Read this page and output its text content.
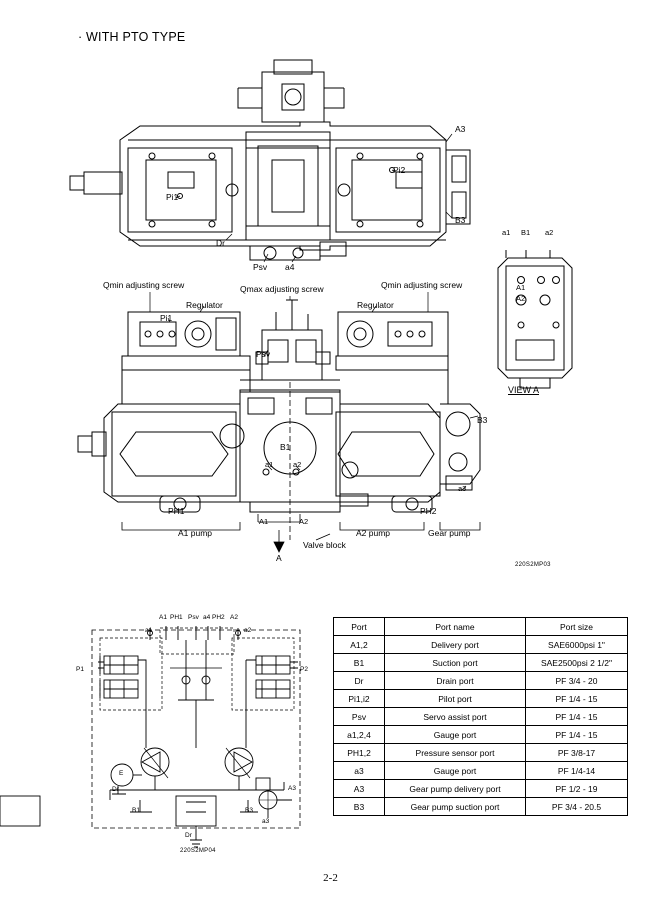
· WITH PTO TYPE
A3
B3
Pi1
Pi2
Dr
Psv a4
a1 B1 a2
A1
A2
VIEW A
Qmin adjusting screw	Qmax adjusting screw	Qmin adjusting screw
Regulator	Regulator
Pi1
Psv
B3
B1
a1	a2
a3
PH1	PH2
A1	A2
A1 pump	A2 pump	Gear pump
Valve block
A
220S2MP03
A1 PH1 Psv a4 PH2 A2
a1	a2
P1	P2
E
Dr	A3
B1	B3
a3
Dr
220S2MP04
Port	Port name	Port size
A1,2	Delivery port	SAE6000psi 1"
B1	Suction port	SAE2500psi 2 1/2"
Dr	Drain port	PF 3/4 - 20
Pi1,i2	Pilot port	PF 1/4 - 15
Psv	Servo assist port	PF 1/4 - 15
a1,2,4	Gauge port	PF 1/4 - 15
PH1,2	Pressure sensor port	PF 3/8-17
a3	Gauge port	PF 1/4-14
A3	Gear pump delivery port	PF 1/2 - 19
B3	Gear pump suction port	PF 3/4 - 20.5
2-2
